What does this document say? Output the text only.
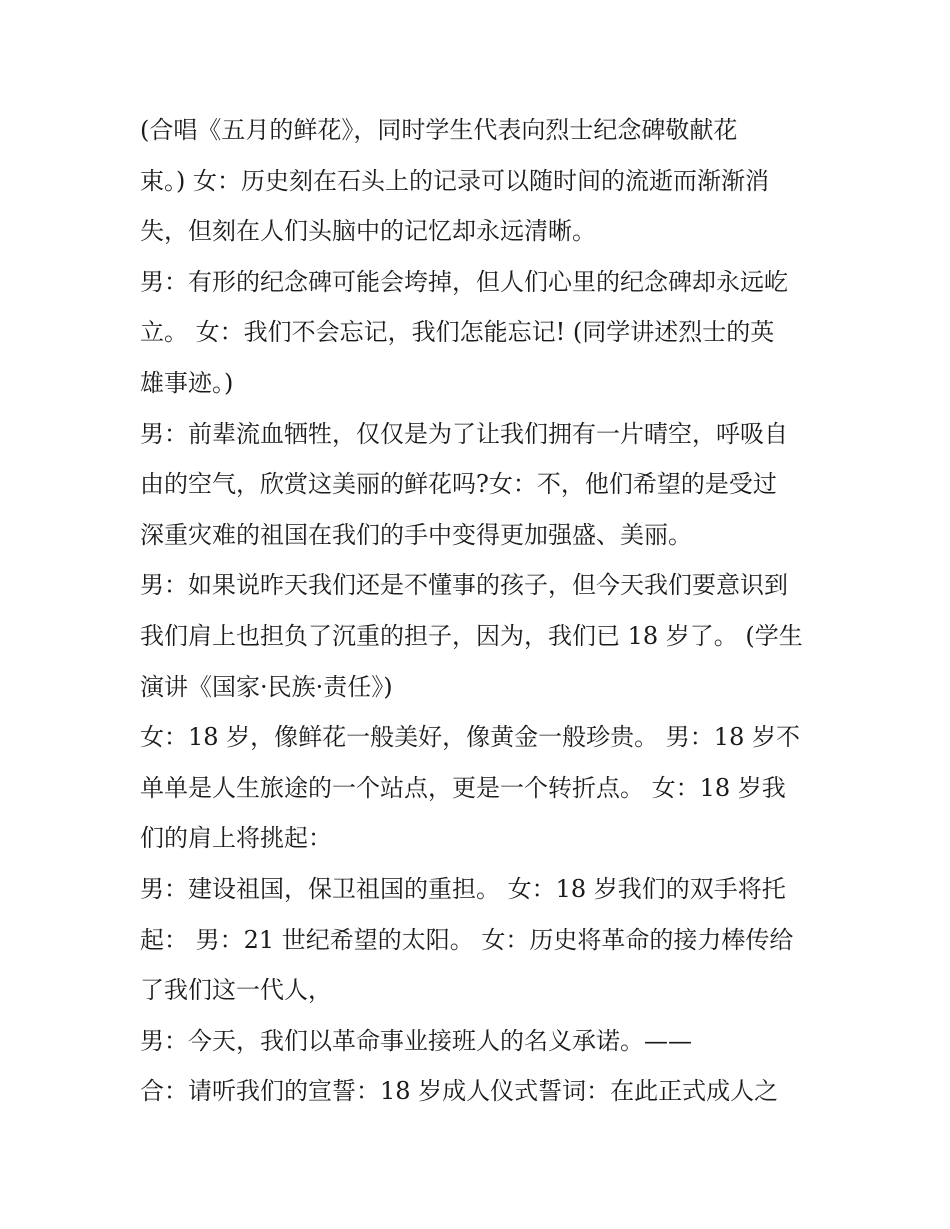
(合唱《五月的鲜花》，同时学生代表向烈士纪念碑敬献花
束。) 女：历史刻在石头上的记录可以随时间的流逝而渐渐消
失，但刻在人们头脑中的记忆却永远清晰。
男：有形的纪念碑可能会垮掉，但人们心里的纪念碑却永远屹
立。 女：我们不会忘记，我们怎能忘记! (同学讲述烈士的英
雄事迹。)
男：前辈流血牺牲，仅仅是为了让我们拥有一片晴空，呼吸自
由的空气，欣赏这美丽的鲜花吗?女：不，他们希望的是受过
深重灾难的祖国在我们的手中变得更加强盛、美丽。
男：如果说昨天我们还是不懂事的孩子，但今天我们要意识到
我们肩上也担负了沉重的担子，因为，我们已 18 岁了。 (学生
演讲《国家·民族·责任》)
女：18 岁，像鲜花一般美好，像黄金一般珍贵。 男：18 岁不
单单是人生旅途的一个站点，更是一个转折点。 女：18 岁我
们的肩上将挑起：
男：建设祖国，保卫祖国的重担。 女：18 岁我们的双手将托
起： 男：21 世纪希望的太阳。 女：历史将革命的接力棒传给
了我们这一代人，
男：今天，我们以革命事业接班人的名义承诺。——
合：请听我们的宣誓：18 岁成人仪式誓词：在此正式成人之
